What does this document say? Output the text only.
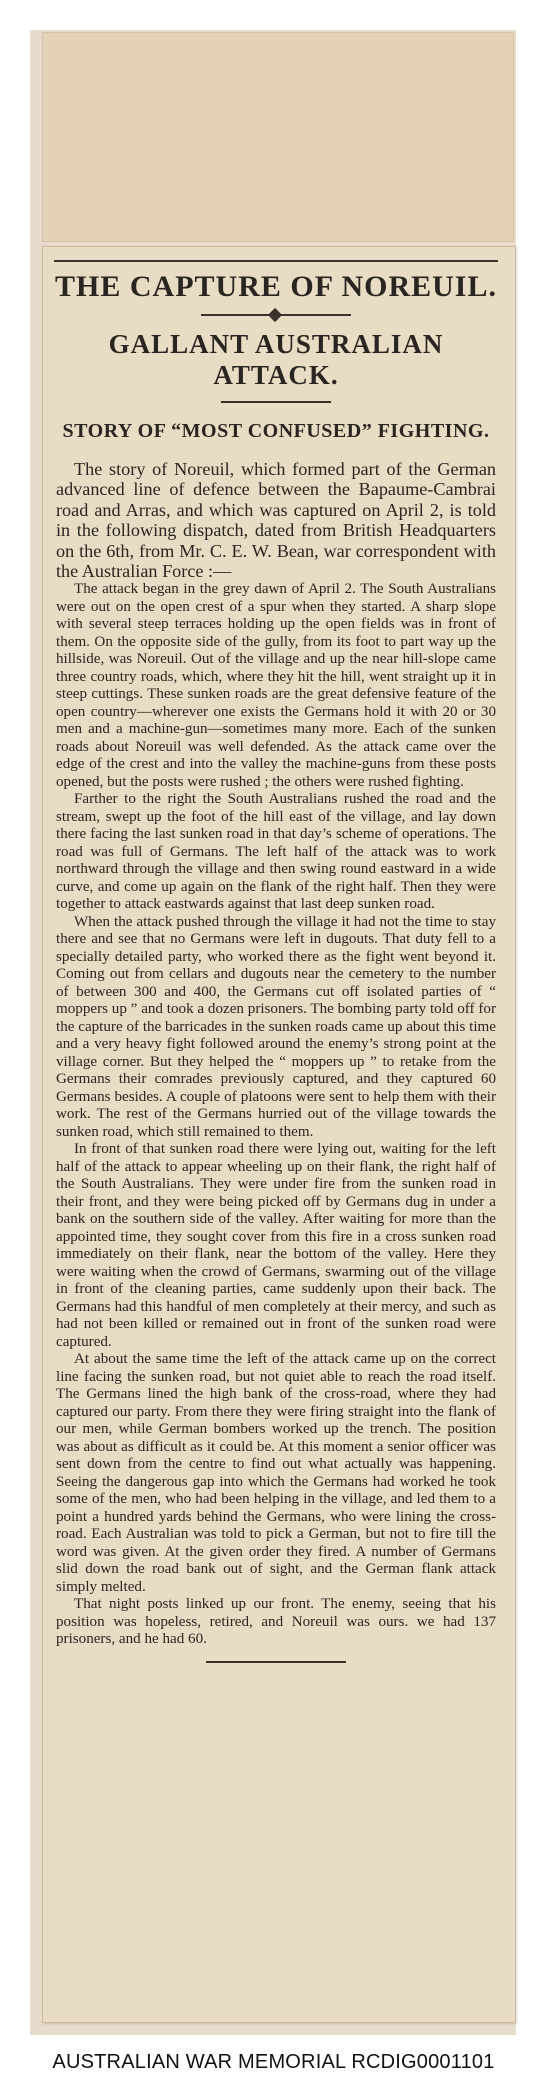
THE CAPTURE OF NOREUIL.
GALLANT AUSTRALIAN ATTACK.
STORY OF “MOST CONFUSED” FIGHTING.

The story of Noreuil, which formed part of the German advanced line of defence between the Bapaume-Cambrai road and Arras, and which was captured on April 2, is told in the following dispatch, dated from British Headquarters on the 6th, from Mr. C. E. W. Bean, war correspondent with the Australian Force :—

The attack began in the grey dawn of April 2. The South Australians were out on the open crest of a spur when they started. A sharp slope with several steep terraces holding up the open fields was in front of them. On the opposite side of the gully, from its foot to part way up the hillside, was Noreuil. Out of the village and up the near hill-slope came three country roads, which, where they hit the hill, went straight up it in steep cuttings. These sunken roads are the great defensive feature of the open country—wherever one exists the Germans hold it with 20 or 30 men and a machine-gun—sometimes many more. Each of the sunken roads about Noreuil was well defended. As the attack came over the edge of the crest and into the valley the machine-guns from these posts opened, but the posts were rushed ; the others were rushed fighting.

Farther to the right the South Australians rushed the road and the stream, swept up the foot of the hill east of the village, and lay down there facing the last sunken road in that day’s scheme of operations. The road was full of Germans. The left half of the attack was to work northward through the village and then swing round eastward in a wide curve, and come up again on the flank of the right half. Then they were together to attack eastwards against that last deep sunken road.

When the attack pushed through the village it had not the time to stay there and see that no Germans were left in dugouts. That duty fell to a specially detailed party, who worked there as the fight went beyond it. Coming out from cellars and dugouts near the cemetery to the number of between 300 and 400, the Germans cut off isolated parties of “ moppers up ” and took a dozen prisoners. The bombing party told off for the capture of the barricades in the sunken roads came up about this time and a very heavy fight followed around the enemy’s strong point at the village corner. But they helped the “ moppers up ” to retake from the Germans their comrades previously captured, and they captured 60 Germans besides. A couple of platoons were sent to help them with their work. The rest of the Germans hurried out of the village towards the sunken road, which still remained to them.

In front of that sunken road there were lying out, waiting for the left half of the attack to appear wheeling up on their flank, the right half of the South Australians. They were under fire from the sunken road in their front, and they were being picked off by Germans dug in under a bank on the southern side of the valley. After waiting for more than the appointed time, they sought cover from this fire in a cross sunken road immediately on their flank, near the bottom of the valley. Here they were waiting when the crowd of Germans, swarming out of the village in front of the cleaning parties, came suddenly upon their back. The Germans had this handful of men completely at their mercy, and such as had not been killed or remained out in front of the sunken road were captured.

At about the same time the left of the attack came up on the correct line facing the sunken road, but not quiet able to reach the road itself. The Germans lined the high bank of the cross-road, where they had captured our party. From there they were firing straight into the flank of our men, while German bombers worked up the trench. The position was about as difficult as it could be. At this moment a senior officer was sent down from the centre to find out what actually was happening. Seeing the dangerous gap into which the Germans had worked he took some of the men, who had been helping in the village, and led them to a point a hundred yards behind the Germans, who were lining the cross-road. Each Australian was told to pick a German, but not to fire till the word was given. At the given order they fired. A number of Germans slid down the road bank out of sight, and the German flank attack simply melted.

That night posts linked up our front. The enemy, seeing that his position was hopeless, retired, and Noreuil was ours. we had 137 prisoners, and he had 60.

AUSTRALIAN WAR MEMORIAL RCDIG0001101
